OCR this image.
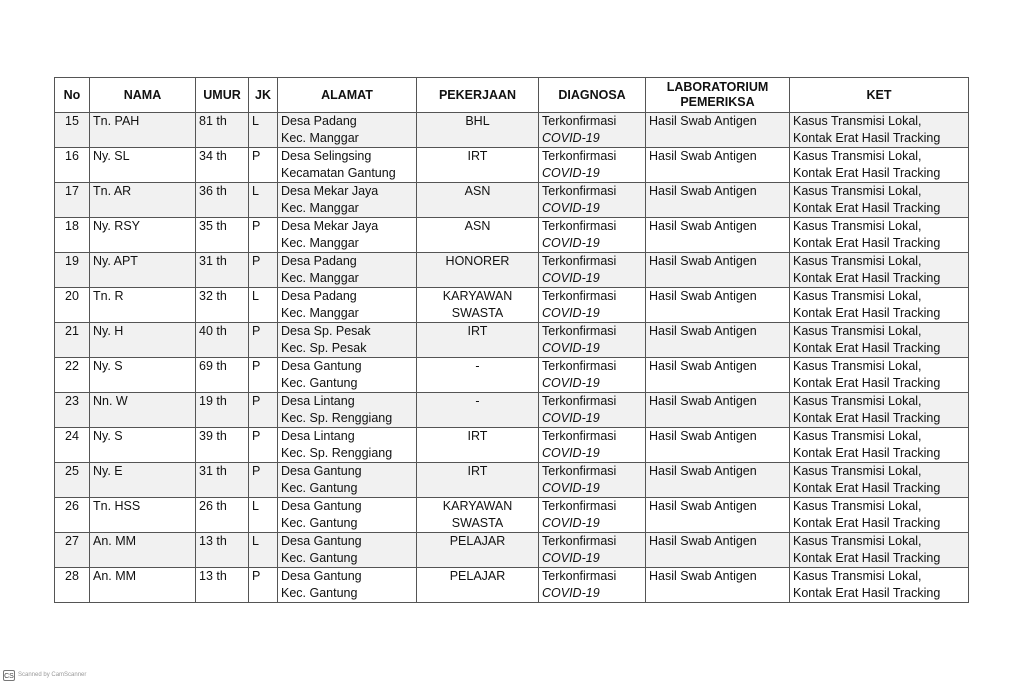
No	NAMA	UMUR	JK	ALAMAT	PEKERJAAN	DIAGNOSA	LABORATORIUM
PEMERIKSA	KET
15	Tn. PAH	81 th	L	Desa Padang
Kec. Manggar	BHL	Terkonfirmasi
COVID-19	Hasil Swab Antigen	Kasus Transmisi Lokal,
Kontak Erat Hasil Tracking

16	Ny. SL	34 th	P	Desa Selingsing
Kecamatan Gantung	IRT	Terkonfirmasi
COVID-19	Hasil Swab Antigen	Kasus Transmisi Lokal,
Kontak Erat Hasil Tracking

17	Tn. AR	36 th	L	Desa Mekar Jaya
Kec. Manggar	ASN	Terkonfirmasi
COVID-19	Hasil Swab Antigen	Kasus Transmisi Lokal,
Kontak Erat Hasil Tracking

18	Ny. RSY	35 th	P	Desa Mekar Jaya
Kec. Manggar	ASN	Terkonfirmasi
COVID-19	Hasil Swab Antigen	Kasus Transmisi Lokal,
Kontak Erat Hasil Tracking

19	Ny. APT	31 th	P	Desa Padang
Kec. Manggar	HONORER	Terkonfirmasi
COVID-19	Hasil Swab Antigen	Kasus Transmisi Lokal,
Kontak Erat Hasil Tracking

20	Tn. R	32 th	L	Desa Padang
Kec. Manggar	KARYAWAN
SWASTA	Terkonfirmasi
COVID-19	Hasil Swab Antigen	Kasus Transmisi Lokal,
Kontak Erat Hasil Tracking

21	Ny. H	40 th	P	Desa Sp. Pesak
Kec. Sp. Pesak	IRT	Terkonfirmasi
COVID-19	Hasil Swab Antigen	Kasus Transmisi Lokal,
Kontak Erat Hasil Tracking

22	Ny. S	69 th	P	Desa Gantung
Kec. Gantung	-	Terkonfirmasi
COVID-19	Hasil Swab Antigen	Kasus Transmisi Lokal,
Kontak Erat Hasil Tracking

23	Nn. W	19 th	P	Desa Lintang
Kec. Sp. Renggiang	-	Terkonfirmasi
COVID-19	Hasil Swab Antigen	Kasus Transmisi Lokal,
Kontak Erat Hasil Tracking

24	Ny. S	39 th	P	Desa Lintang
Kec. Sp. Renggiang	IRT	Terkonfirmasi
COVID-19	Hasil Swab Antigen	Kasus Transmisi Lokal,
Kontak Erat Hasil Tracking

25	Ny. E	31 th	P	Desa Gantung
Kec. Gantung	IRT	Terkonfirmasi
COVID-19	Hasil Swab Antigen	Kasus Transmisi Lokal,
Kontak Erat Hasil Tracking

26	Tn. HSS	26 th	L	Desa Gantung
Kec. Gantung	KARYAWAN
SWASTA	Terkonfirmasi
COVID-19	Hasil Swab Antigen	Kasus Transmisi Lokal,
Kontak Erat Hasil Tracking

27	An. MM	13 th	L	Desa Gantung
Kec. Gantung	PELAJAR	Terkonfirmasi
COVID-19	Hasil Swab Antigen	Kasus Transmisi Lokal,
Kontak Erat Hasil Tracking

28	An. MM	13 th	P	Desa Gantung
Kec. Gantung	PELAJAR	Terkonfirmasi
COVID-19	Hasil Swab Antigen	Kasus Transmisi Lokal,
Kontak Erat Hasil Tracking
CS Scanned by CamScanner
